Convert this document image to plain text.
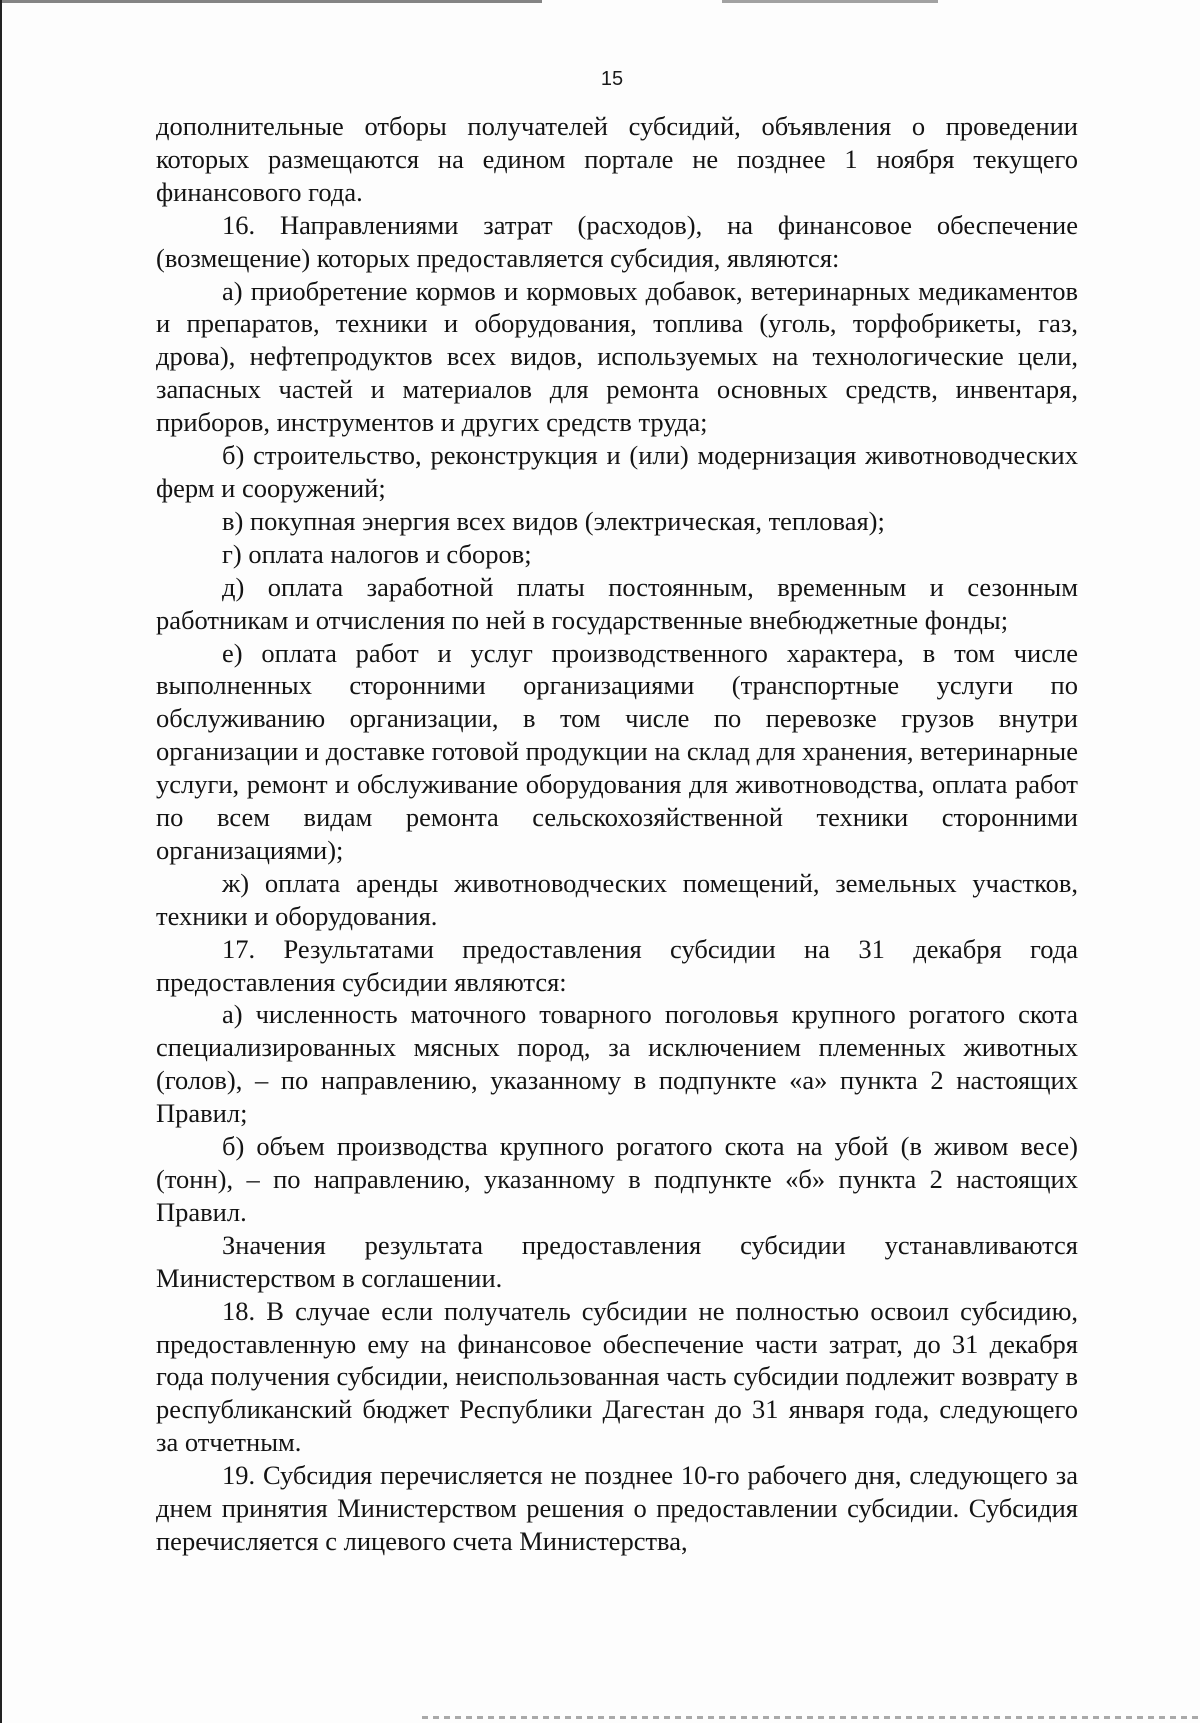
15

дополнительные отборы получателей субсидий, объявления о проведении которых размещаются на едином портале не позднее 1 ноября текущего финансового года.

16. Направлениями затрат (расходов), на финансовое обеспечение (возмещение) которых предоставляется субсидия, являются:

а) приобретение кормов и кормовых добавок, ветеринарных медикаментов и препаратов, техники и оборудования, топлива (уголь, торфобрикеты, газ, дрова), нефтепродуктов всех видов, используемых на технологические цели, запасных частей и материалов для ремонта основных средств, инвентаря, приборов, инструментов и других средств труда;

б) строительство, реконструкция и (или) модернизация животноводческих ферм и сооружений;

в) покупная энергия всех видов (электрическая, тепловая);

г) оплата налогов и сборов;

д) оплата заработной платы постоянным, временным и сезонным работникам и отчисления по ней в государственные внебюджетные фонды;

е) оплата работ и услуг производственного характера, в том числе выполненных сторонними организациями (транспортные услуги по обслуживанию организации, в том числе по перевозке грузов внутри организации и доставке готовой продукции на склад для хранения, ветеринарные услуги, ремонт и обслуживание оборудования для животноводства, оплата работ по всем видам ремонта сельскохозяйственной техники сторонними организациями);

ж) оплата аренды животноводческих помещений, земельных участков, техники и оборудования.

17. Результатами предоставления субсидии на 31 декабря года предоставления субсидии являются:

а) численность маточного товарного поголовья крупного рогатого скота специализированных мясных пород, за исключением племенных животных (голов), – по направлению, указанному в подпункте «а» пункта 2 настоящих Правил;

б) объем производства крупного рогатого скота на убой (в живом весе) (тонн), – по направлению, указанному в подпункте «б» пункта 2 настоящих Правил.

Значения результата предоставления субсидии устанавливаются Министерством в соглашении.

18. В случае если получатель субсидии не полностью освоил субсидию, предоставленную ему на финансовое обеспечение части затрат, до 31 декабря года получения субсидии, неиспользованная часть субсидии подлежит возврату в республиканский бюджет Республики Дагестан до 31 января года, следующего за отчетным.

19. Субсидия перечисляется не позднее 10-го рабочего дня, следующего за днем принятия Министерством решения о предоставлении субсидии. Субсидия перечисляется с лицевого счета Министерства,
